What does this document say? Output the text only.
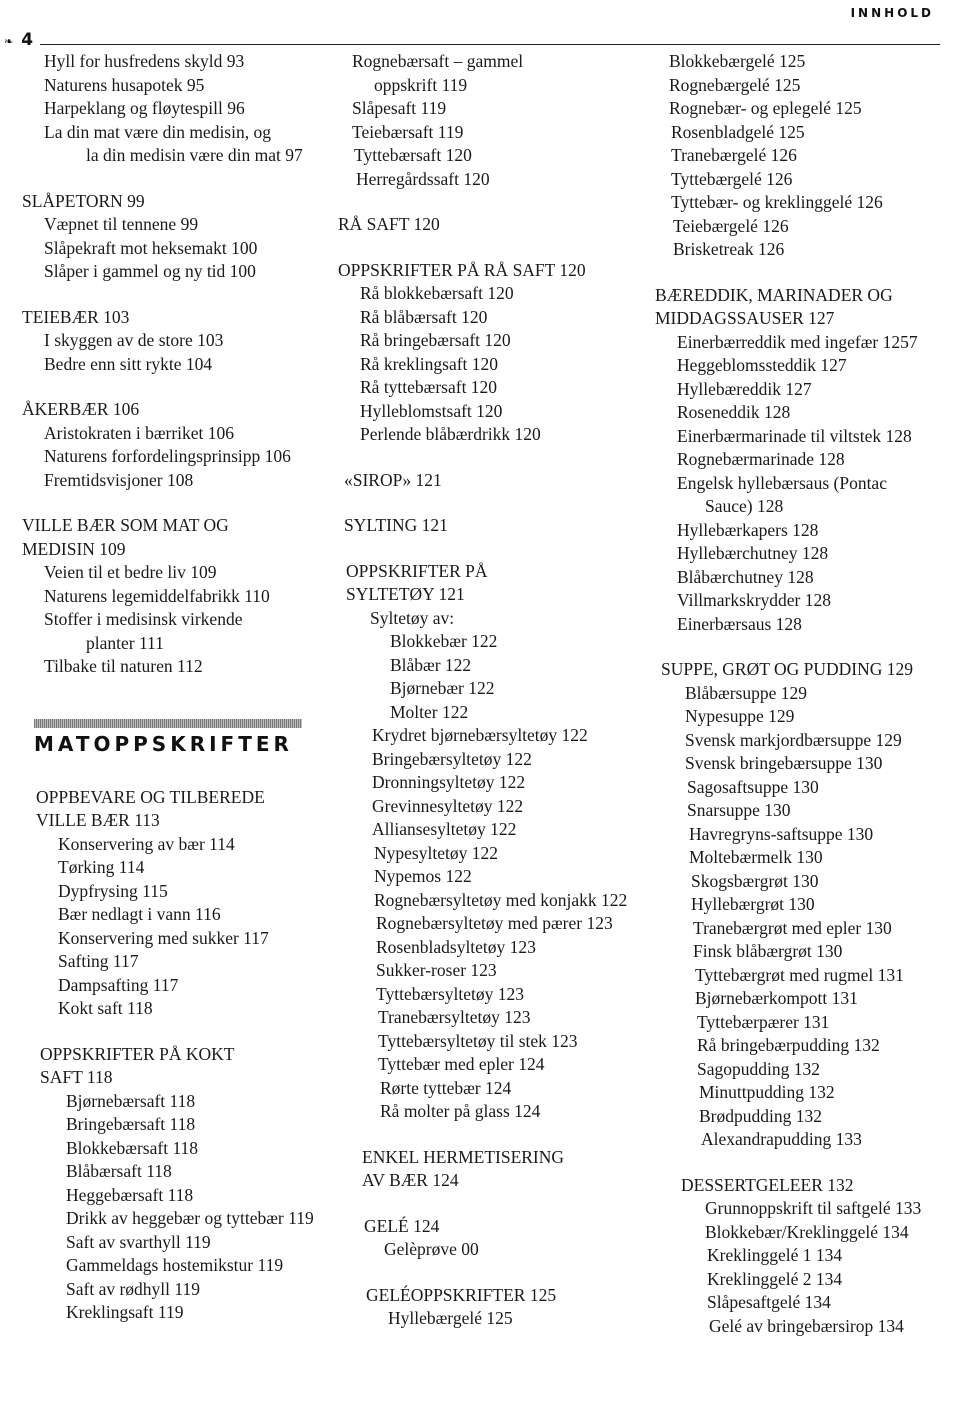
❧ 4
INNHOLD
Hyll for husfredens skyld 93
Naturens husapotek 95
Harpeklang og fløytespill 96
La din mat være din medisin, og
la din medisin være din mat 97
SLÅPETORN 99
Væpnet til tennene 99
Slåpekraft mot heksemakt 100
Slåper i gammel og ny tid 100
TEIEBÆR 103
I skyggen av de store 103
Bedre enn sitt rykte 104
ÅKERBÆR 106
Aristokraten i bærriket 106
Naturens forfordelingsprinsipp 106
Fremtidsvisjoner 108
VILLE BÆR SOM MAT OG
MEDISIN 109
Veien til et bedre liv 109
Naturens legemiddelfabrikk 110
Stoffer i medisinsk virkende
planter 111
Tilbake til naturen 112
MATOPPSKRIFTER
OPPBEVARE OG TILBEREDE
VILLE BÆR 113
Konservering av bær 114
Tørking 114
Dypfrysing 115
Bær nedlagt i vann 116
Konservering med sukker 117
Safting 117
Dampsafting 117
Kokt saft 118
OPPSKRIFTER PÅ KOKT
SAFT 118
Bjørnebærsaft 118
Bringebærsaft 118
Blokkebærsaft 118
Blåbærsaft 118
Heggebærsaft 118
Drikk av heggebær og tyttebær 119
Saft av svarthyll 119
Gammeldags hostemikstur 119
Saft av rødhyll 119
Kreklingsaft 119
Rognebærsaft – gammel
oppskrift 119
Slåpesaft 119
Teiebærsaft 119
Tyttebærsaft 120
Herregårdssaft 120
RÅ SAFT 120
OPPSKRIFTER PÅ RÅ SAFT 120
Rå blokkebærsaft 120
Rå blåbærsaft 120
Rå bringebærsaft 120
Rå kreklingsaft 120
Rå tyttebærsaft 120
Hylleblomstsaft 120
Perlende blåbærdrikk 120
«SIROP» 121
SYLTING 121
OPPSKRIFTER PÅ
SYLTETØY 121
Syltetøy av:
Blokkebær 122
Blåbær 122
Bjørnebær 122
Molter 122
Krydret bjørnebærsyltetøy 122
Bringebærsyltetøy 122
Dronningsyltetøy 122
Grevinnesyltetøy 122
Alliansesyltetøy 122
Nypesyltetøy 122
Nypemos 122
Rognebærsyltetøy med konjakk 122
Rognebærsyltetøy med pærer 123
Rosenbladsyltetøy 123
Sukker-roser 123
Tyttebærsyltetøy 123
Tranebærsyltetøy 123
Tyttebærsyltetøy til stek 123
Tyttebær med epler 124
Rørte tyttebær 124
Rå molter på glass 124
ENKEL HERMETISERING
AV BÆR 124
GELÉ 124
Gelèprøve 00
GELÉOPPSKRIFTER 125
Hyllebærgelé 125
Blokkebærgelé 125
Rognebærgelé 125
Rognebær- og eplegelé 125
Rosenbladgelé 125
Tranebærgelé 126
Tyttebærgelé 126
Tyttebær- og kreklinggelé 126
Teiebærgelé 126
Brisketreak 126
BÆREDDIK, MARINADER OG
MIDDAGSSAUSER 127
Einerbærreddik med ingefær 1257
Heggeblomssteddik 127
Hyllebæreddik 127
Roseneddik 128
Einerbærmarinade til viltstek 128
Rognebærmarinade 128
Engelsk hyllebærsaus (Pontac
Sauce) 128
Hyllebærkapers 128
Hyllebærchutney 128
Blåbærchutney 128
Villmarkskrydder 128
Einerbærsaus 128
SUPPE, GRØT OG PUDDING 129
Blåbærsuppe 129
Nypesuppe 129
Svensk markjordbærsuppe 129
Svensk bringebærsuppe 130
Sagosaftsuppe 130
Snarsuppe 130
Havregryns-saftsuppe 130
Moltebærmelk 130
Skogsbærgrøt 130
Hyllebærgrøt 130
Tranebærgrøt med epler 130
Finsk blåbærgrøt 130
Tyttebærgrøt med rugmel 131
Bjørnebærkompott 131
Tyttebærpærer 131
Rå bringebærpudding 132
Sagopudding 132
Minuttpudding 132
Brødpudding 132
Alexandrapudding 133
DESSERTGELEER 132
Grunnoppskrift til saftgelé 133
Blokkebær/Kreklinggelé 134
Kreklinggelé 1 134
Kreklinggelé 2 134
Slåpesaftgelé 134
Gelé av bringebærsirop 134
